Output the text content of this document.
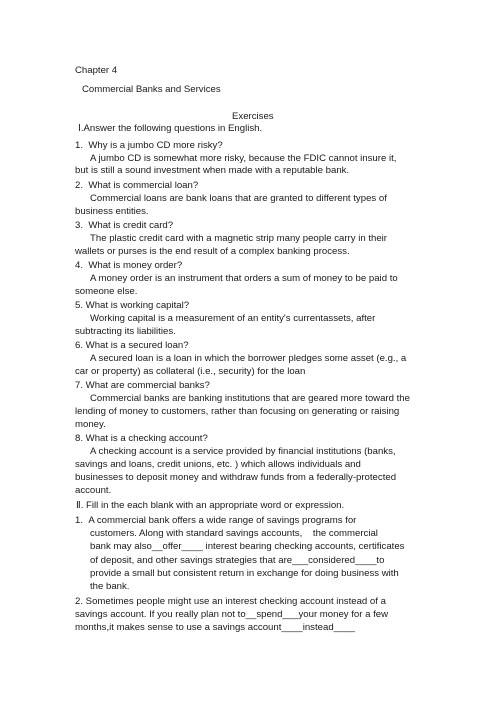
Chapter 4
Commercial Banks and Services
Exercises
Ⅰ.Answer the following questions in English.
1.  Why is a jumbo CD more risky?
A jumbo CD is somewhat more risky, because the FDIC cannot insure it,
but is still a sound investment when made with a reputable bank.
2.  What is commercial loan?
Commercial loans are bank loans that are granted to different types of
business entities.
3.  What is credit card?
The plastic credit card with a magnetic strip many people carry in their
wallets or purses is the end result of a complex banking process.
4.  What is money order?
A money order is an instrument that orders a sum of money to be paid to
someone else.
5. What is working capital?
Working capital is a measurement of an entity's currentassets, after
subtracting its liabilities.
6. What is a secured loan?
A secured loan is a loan in which the borrower pledges some asset (e.g., a
car or property) as collateral (i.e., security) for the loan
7. What are commercial banks?
Commercial banks are banking institutions that are geared more toward the
lending of money to customers, rather than focusing on generating or raising
money.
8. What is a checking account?
A checking account is a service provided by financial institutions (banks,
savings and loans, credit unions, etc. ) which allows individuals and
businesses to deposit money and withdraw funds from a federally-protected
account.
Ⅱ. Fill in the each blank with an appropriate word or expression.
1.  A commercial bank offers a wide range of savings programs for
customers. Along with standard savings accounts,    the commercial
bank may also__offer____ interest bearing checking accounts, certificates
of deposit, and other savings strategies that are___considered____to
provide a small but consistent return in exchange for doing business with
the bank.
2. Sometimes people might use an interest checking account instead of a
savings account. If you really plan not to__spend___your money for a few
months,it makes sense to use a savings account____instead____
